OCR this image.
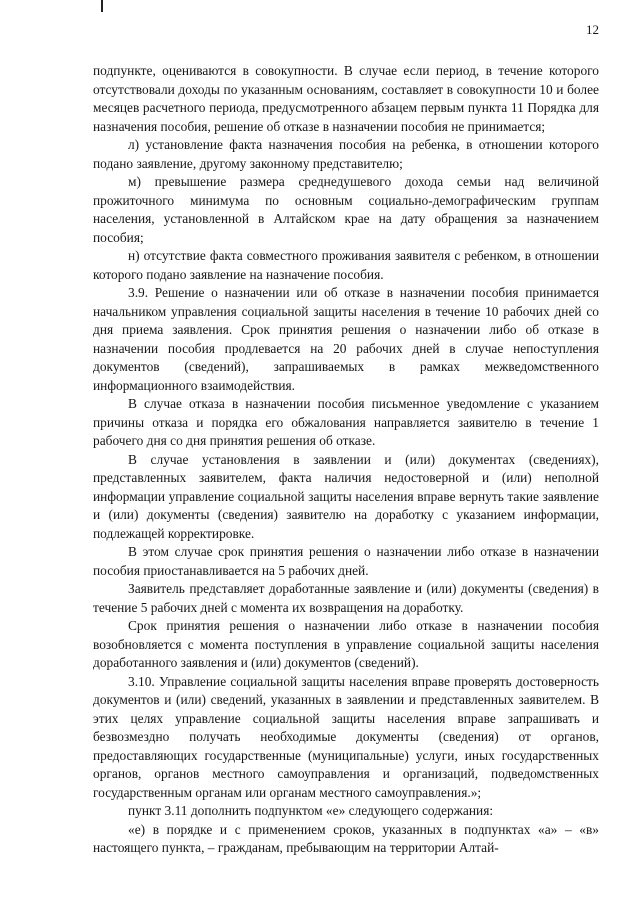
12

подпункте, оцениваются в совокупности. В случае если период, в течение которого отсутствовали доходы по указанным основаниям, составляет в совокупности 10 и более месяцев расчетного периода, предусмотренного абзацем первым пункта 11 Порядка для назначения пособия, решение об отказе в назначении пособия не принимается;

л) установление факта назначения пособия на ребенка, в отношении которого подано заявление, другому законному представителю;

м) превышение размера среднедушевого дохода семьи над величиной прожиточного минимума по основным социально-демографическим группам населения, установленной в Алтайском крае на дату обращения за назначением пособия;

н) отсутствие факта совместного проживания заявителя с ребенком, в отношении которого подано заявление на назначение пособия.

3.9. Решение о назначении или об отказе в назначении пособия принимается начальником управления социальной защиты населения в течение 10 рабочих дней со дня приема заявления. Срок принятия решения о назначении либо об отказе в назначении пособия продлевается на 20 рабочих дней в случае непоступления документов (сведений), запрашиваемых в рамках межведомственного информационного взаимодействия.

В случае отказа в назначении пособия письменное уведомление с указанием причины отказа и порядка его обжалования направляется заявителю в течение 1 рабочего дня со дня принятия решения об отказе.

В случае установления в заявлении и (или) документах (сведениях), представленных заявителем, факта наличия недостоверной и (или) неполной информации управление социальной защиты населения вправе вернуть такие заявление и (или) документы (сведения) заявителю на доработку с указанием информации, подлежащей корректировке.

В этом случае срок принятия решения о назначении либо отказе в назначении пособия приостанавливается на 5 рабочих дней.

Заявитель представляет доработанные заявление и (или) документы (сведения) в течение 5 рабочих дней с момента их возвращения на доработку.

Срок принятия решения о назначении либо отказе в назначении пособия возобновляется с момента поступления в управление социальной защиты населения доработанного заявления и (или) документов (сведений).

3.10. Управление социальной защиты населения вправе проверять достоверность документов и (или) сведений, указанных в заявлении и представленных заявителем. В этих целях управление социальной защиты населения вправе запрашивать и безвозмездно получать необходимые документы (сведения) от органов, предоставляющих государственные (муниципальные) услуги, иных государственных органов, органов местного самоуправления и организаций, подведомственных государственным органам или органам местного самоуправления.»;

пункт 3.11 дополнить подпунктом «е» следующего содержания:

«е) в порядке и с применением сроков, указанных в подпунктах «а» – «в» настоящего пункта, – гражданам, пребывающим на территории Алтай-
